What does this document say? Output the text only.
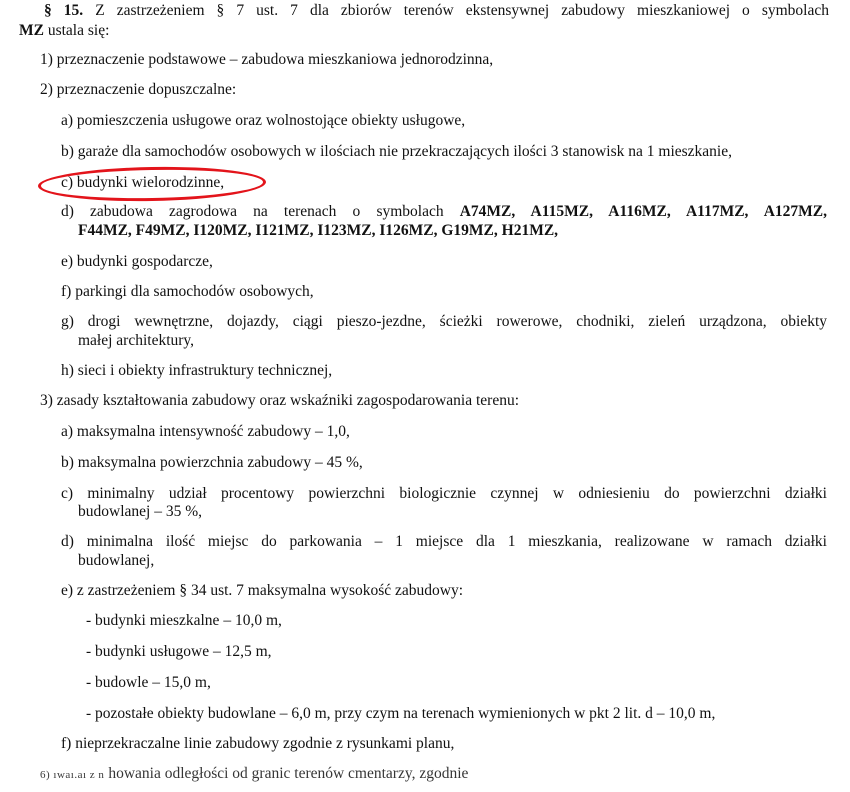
§ 15. Z zastrzeżeniem § 7 ust. 7 dla zbiorów terenów ekstensywnej zabudowy mieszkaniowej o symbolach
MZ ustala się:
1) przeznaczenie podstawowe – zabudowa mieszkaniowa jednorodzinna,
2) przeznaczenie dopuszczalne:
a) pomieszczenia usługowe oraz wolnostojące obiekty usługowe,
b) garaże dla samochodów osobowych w ilościach nie przekraczających ilości 3 stanowisk na 1 mieszkanie,
c) budynki wielorodzinne,
d) zabudowa zagrodowa na terenach o symbolach A74MZ, A115MZ, A116MZ, A117MZ, A127MZ,
F44MZ, F49MZ, I120MZ, I121MZ, I123MZ, I126MZ, G19MZ, H21MZ,
e) budynki gospodarcze,
f) parkingi dla samochodów osobowych,
g) drogi wewnętrzne, dojazdy, ciągi pieszo-jezdne, ścieżki rowerowe, chodniki, zieleń urządzona, obiekty
małej architektury,
h) sieci i obiekty infrastruktury technicznej,
3) zasady kształtowania zabudowy oraz wskaźniki zagospodarowania terenu:
a) maksymalna intensywność zabudowy – 1,0,
b) maksymalna powierzchnia zabudowy – 45 %,
c) minimalny udział procentowy powierzchni biologicznie czynnej w odniesieniu do powierzchni działki
budowlanej – 35 %,
d) minimalna ilość miejsc do parkowania – 1 miejsce dla 1 mieszkania, realizowane w ramach działki
budowlanej,
e) z zastrzeżeniem § 34 ust. 7 maksymalna wysokość zabudowy:
- budynki mieszkalne – 10,0 m,
- budynki usługowe – 12,5 m,
- budowle – 15,0 m,
- pozostałe obiekty budowlane – 6,0 m, przy czym na terenach wymienionych w pkt 2 lit. d – 10,0 m,
f) nieprzekraczalne linie zabudowy zgodnie z rysunkami planu,
6) ıwaı.aı z n howania odległości od granic terenów cmentarzy, zgodnie
